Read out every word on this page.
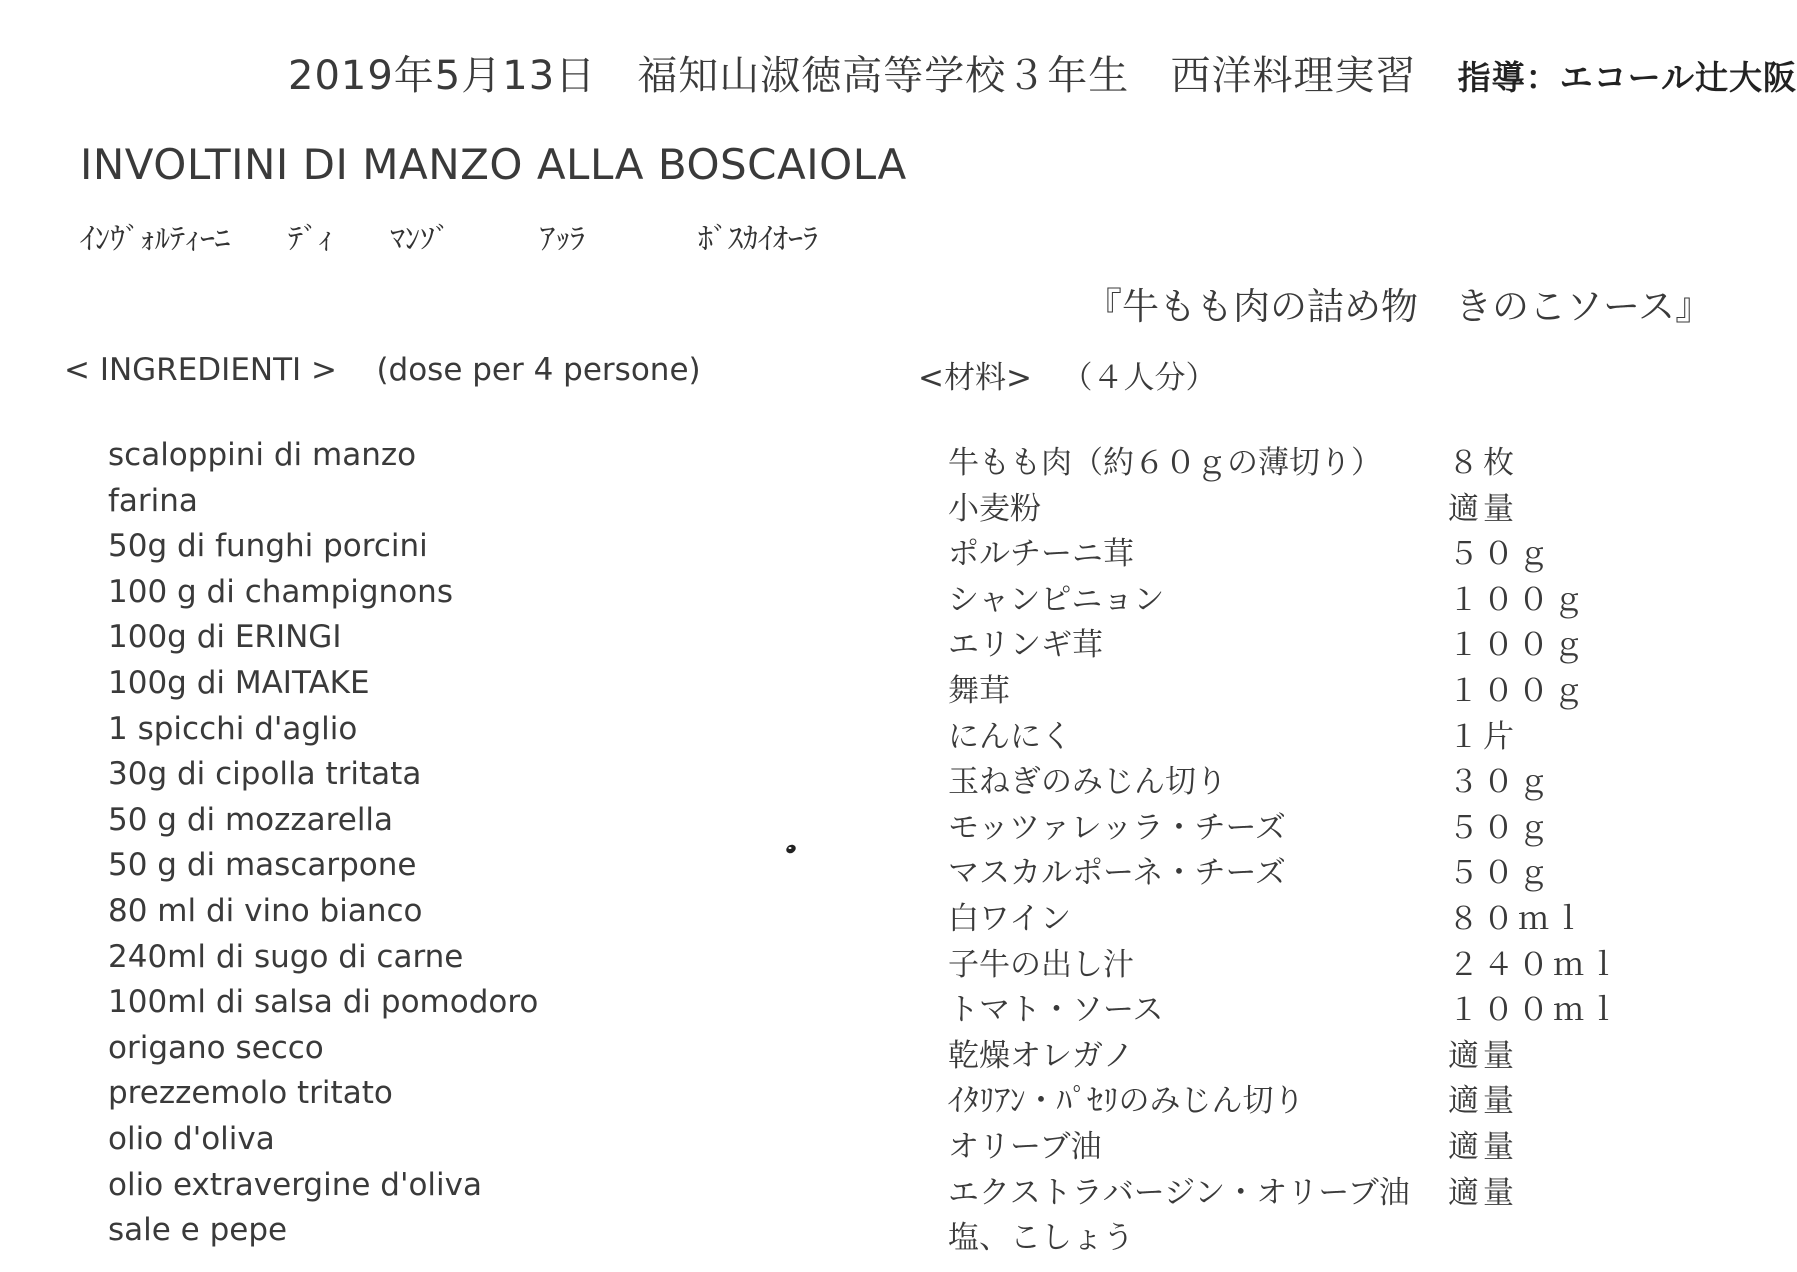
2019年5月13日 福知山淑徳高等学校３年生 西洋料理実習 指導：エコール辻大阪
INVOLTINI DI MANZO ALLA BOSCAIOLA
ｲﾝｳﾞｫﾙﾃｨｰﾆ	ﾃﾞｨ	ﾏﾝｿﾞ	ｱｯﾗ	ﾎﾞｽｶｲｵｰﾗ
『牛もも肉の詰め物　きのこソース』
< INGREDIENTI > (dose per 4 persone)	<材料> （４人分）
scaloppini di manzo	牛もも肉（約６０ｇの薄切り） ８枚
farina	小麦粉	適量
50g di funghi porcini	ポルチーニ茸	５０ｇ
100 g di champignons	シャンピニョン	１００ｇ
100g di ERINGI	エリンギ茸	１００ｇ
100g di MAITAKE	舞茸	１００ｇ
1 spicchi d'aglio	にんにく	１片
30g di cipolla tritata	玉ねぎのみじん切り	３０ｇ
50 g di mozzarella	モッツァレッラ・チーズ	５０ｇ
50 g di mascarpone	マスカルポーネ・チーズ	５０ｇ
80 ml di vino bianco	白ワイン	８０ｍｌ
240ml di sugo di carne	子牛の出し汁	２４０ｍｌ
100ml di salsa di pomodoro	トマト・ソース	１００ｍｌ
origano secco	乾燥オレガノ	適量
prezzemolo tritato	ｲﾀﾘｱﾝ・ﾊﾟｾﾘのみじん切り	適量
olio d'oliva	オリーブ油	適量
olio extravergine d'oliva	エクストラバージン・オリーブ油 適量
sale e pepe	塩、こしょう
